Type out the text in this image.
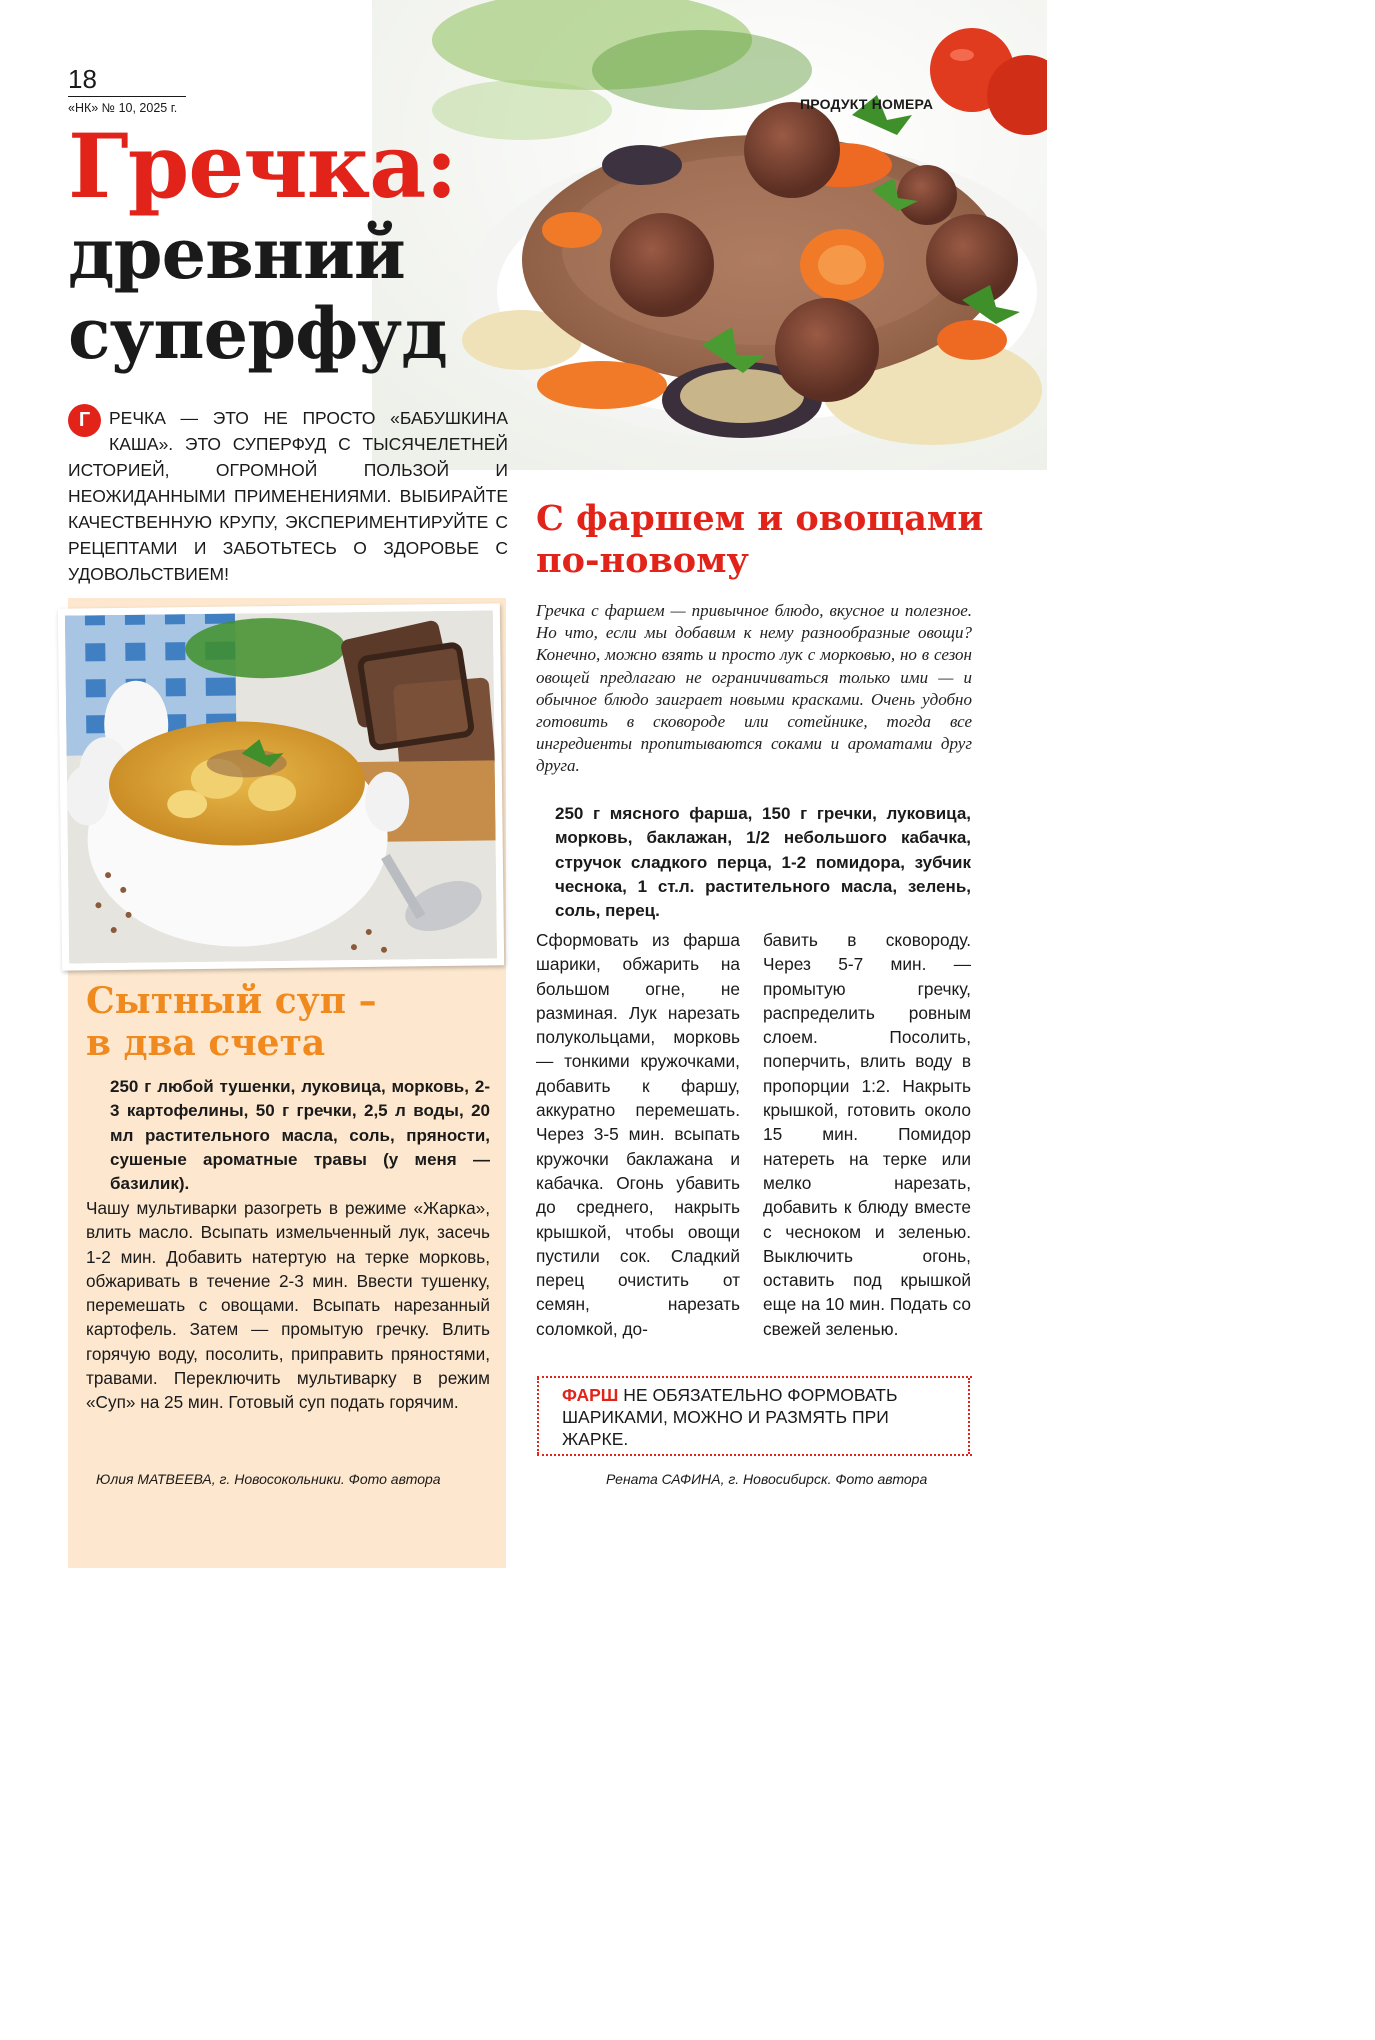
18
«НК» № 10, 2025 г.	ПРОДУКТ НОМЕРА
Гречка:
древний
суперфуд
Г	РЕЧКА — ЭТО НЕ ПРОСТО «БАБУШКИНА КАША». ЭТО СУПЕРФУД С ТЫСЯЧЕЛЕТНЕЙ ИСТОРИЕЙ, ОГРОМНОЙ ПОЛЬЗОЙ И НЕОЖИДАННЫМИ ПРИМЕНЕНИЯМИ. ВЫБИРАЙТЕ КАЧЕСТВЕННУЮ КРУПУ, ЭКСПЕРИМЕНТИРУЙТЕ С РЕЦЕПТАМИ И ЗАБОТЬТЕСЬ О ЗДОРОВЬЕ С УДОВОЛЬСТВИЕМ!
Сытный суп –
в два счета
250 г любой тушенки, луковица, морковь, 2-3 картофелины, 50 г гречки, 2,5 л воды, 20 мл растительного масла, соль, пряности, сушеные ароматные травы (у меня — базилик).
Чашу мультиварки разогреть в режиме «Жарка», влить масло. Всыпать измельченный лук, засечь 1-2 мин. Добавить натертую на терке морковь, обжаривать в течение 2-3 мин. Ввести тушенку, перемешать с овощами. Всыпать нарезанный картофель. Затем — промытую гречку. Влить горячую воду, посолить, приправить пряностями, травами. Переключить мультиварку в режим «Суп» на 25 мин. Готовый суп подать горячим.
Юлия МАТВЕЕВА, г. Новосокольники. Фото автора
С фаршем и овощами
по-новому
Гречка с фаршем — привычное блюдо, вкусное и полезное. Но что, если мы добавим к нему разнообразные овощи? Конечно, можно взять и просто лук с морковью, но в сезон овощей предлагаю не ограничиваться только ими — и обычное блюдо заиграет новыми красками. Очень удобно готовить в сковороде или сотейнике, тогда все ингредиенты пропитываются соками и ароматами друг друга.
250 г мясного фарша, 150 г гречки, луковица, морковь, баклажан, 1/2 небольшого кабачка, стручок сладкого перца, 1-2 помидора, зубчик чеснока, 1 ст.л. растительного масла, зелень, соль, перец.
Сформовать из фарша шарики, обжарить на большом огне, не разминая. Лук нарезать полукольцами, морковь — тонкими кружочками, добавить к фаршу, аккуратно перемешать. Через 3-5 мин. всыпать кружочки баклажана и кабачка. Огонь убавить до среднего, накрыть крышкой, чтобы овощи пустили сок. Сладкий перец очистить от семян, нарезать соломкой, до-
бавить в сковороду. Через 5-7 мин. — промытую гречку, распределить ровным слоем. Посолить, поперчить, влить воду в пропорции 1:2. Накрыть крышкой, готовить около 15 мин. Помидор натереть на терке или мелко нарезать, добавить к блюду вместе с чесноком и зеленью. Выключить огонь, оставить под крышкой еще на 10 мин. Подать со свежей зеленью.
ФАРШ НЕ ОБЯЗАТЕЛЬНО ФОРМОВАТЬ ШАРИКАМИ, МОЖНО И РАЗМЯТЬ ПРИ ЖАРКЕ.
Рената САФИНА, г. Новосибирск. Фото автора
